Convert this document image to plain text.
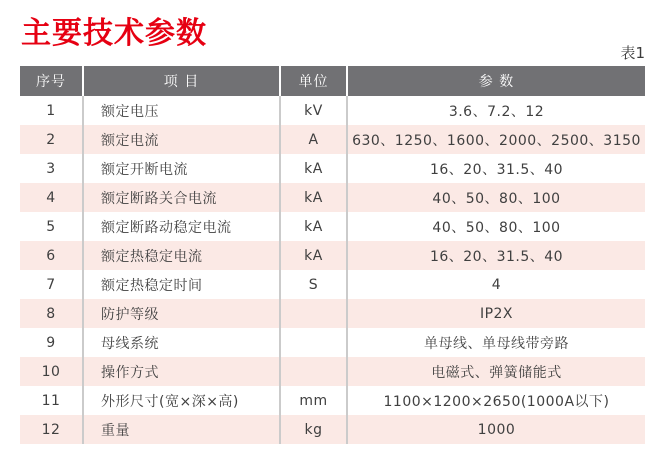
主要技术参数
表1
序号	项 目	单位	参 数
1	额定电压	kV	3.6、7.2、12
2	额定电流	A	630、1250、1600、2000、2500、3150
3	额定开断电流	kA	16、20、31.5、40
4	额定断路关合电流	kA	40、50、80、100
5	额定断路动稳定电流	kA	40、50、80、100
6	额定热稳定电流	kA	16、20、31.5、40
7	额定热稳定时间	S	4
8	防护等级		IP2X
9	母线系统		单母线、单母线带旁路
10	操作方式		电磁式、弹簧储能式
11	外形尺寸(宽×深×高)	mm	1100×1200×2650(1000A以下)
12	重量	kg	1000
